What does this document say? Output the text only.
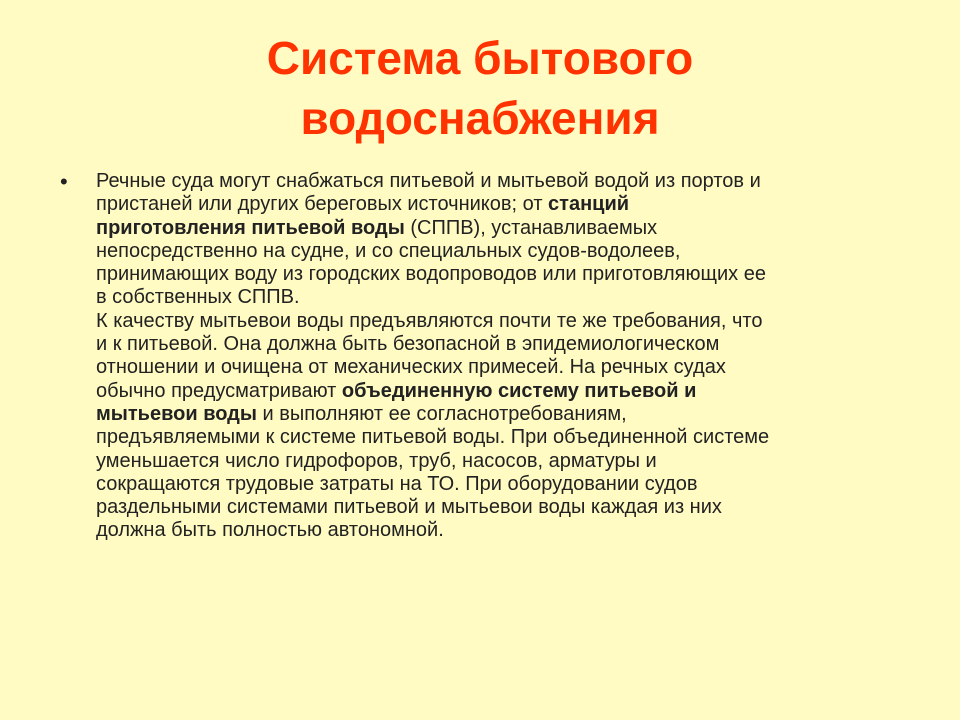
Система бытового
водоснабжения
• Речные суда могут снабжаться питьевой и мытьевой водой из портов и
пристаней или других береговых источников; от станций
приготовления питьевой воды (СППВ), устанавливаемых
непосредственно на судне, и со специальных судов-водолеев,
принимающих воду из городских водопроводов или приготовляющих ее
в собственных СППВ.
К качеству мытьевои воды предъявляются почти те же требования, что
и к питьевой. Она должна быть безопасной в эпидемиологическом
отношении и очищена от механических примесей. На речных судах
обычно предусматривают объединенную систему питьевой и
мытьевои воды и выполняют ее согласнотребованиям,
предъявляемыми к системе питьевой воды. При объединенной системе
уменьшается число гидрофоров, труб, насосов, арматуры и
сокращаются трудовые затраты на ТО. При оборудовании судов
раздельными системами питьевой и мытьевои воды каждая из них
должна быть полностью автономной.
